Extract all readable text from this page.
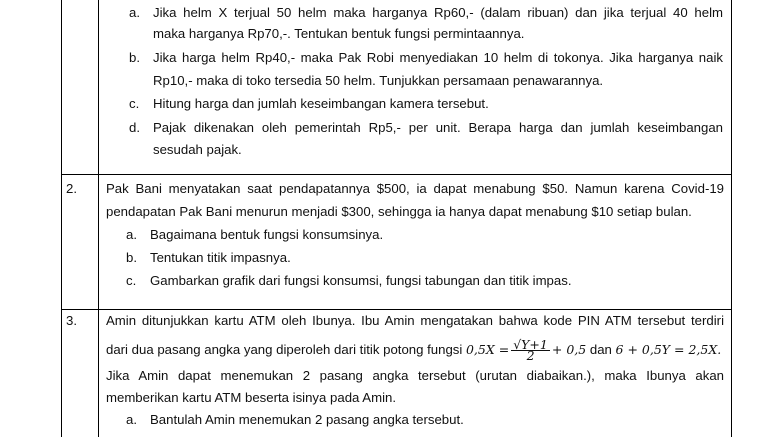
a. Jika helm X terjual 50 helm maka harganya Rp60,- (dalam ribuan) dan jika terjual 40 helm
maka harganya Rp70,-. Tentukan bentuk fungsi permintaannya.
b. Jika harga helm Rp40,- maka Pak Robi menyediakan 10 helm di tokonya. Jika harganya naik
Rp10,- maka di toko tersedia 50 helm. Tunjukkan persamaan penawarannya.
c. Hitung harga dan jumlah keseimbangan kamera tersebut.
d. Pajak dikenakan oleh pemerintah Rp5,- per unit. Berapa harga dan jumlah keseimbangan
sesudah pajak.
2. Pak Bani menyatakan saat pendapatannya $500, ia dapat menabung $50. Namun karena Covid-19
pendapatan Pak Bani menurun menjadi $300, sehingga ia hanya dapat menabung $10 setiap bulan.
a. Bagaimana bentuk fungsi konsumsinya.
b. Tentukan titik impasnya.
c. Gambarkan grafik dari fungsi konsumsi, fungsi tabungan dan titik impas.
3. Amin ditunjukkan kartu ATM oleh Ibunya. Ibu Amin mengatakan bahwa kode PIN ATM tersebut terdiri
dari dua pasang angka yang diperoleh dari titik potong fungsi $0,5X = \frac{√Y+1}{2} + 0,5$ dan 6 + 0,5Y = 2,5X.
Jika Amin dapat menemukan 2 pasang angka tersebut (urutan diabaikan.), maka Ibunya akan
memberikan kartu ATM beserta isinya pada Amin.
a. Bantulah Amin menemukan 2 pasang angka tersebut.
